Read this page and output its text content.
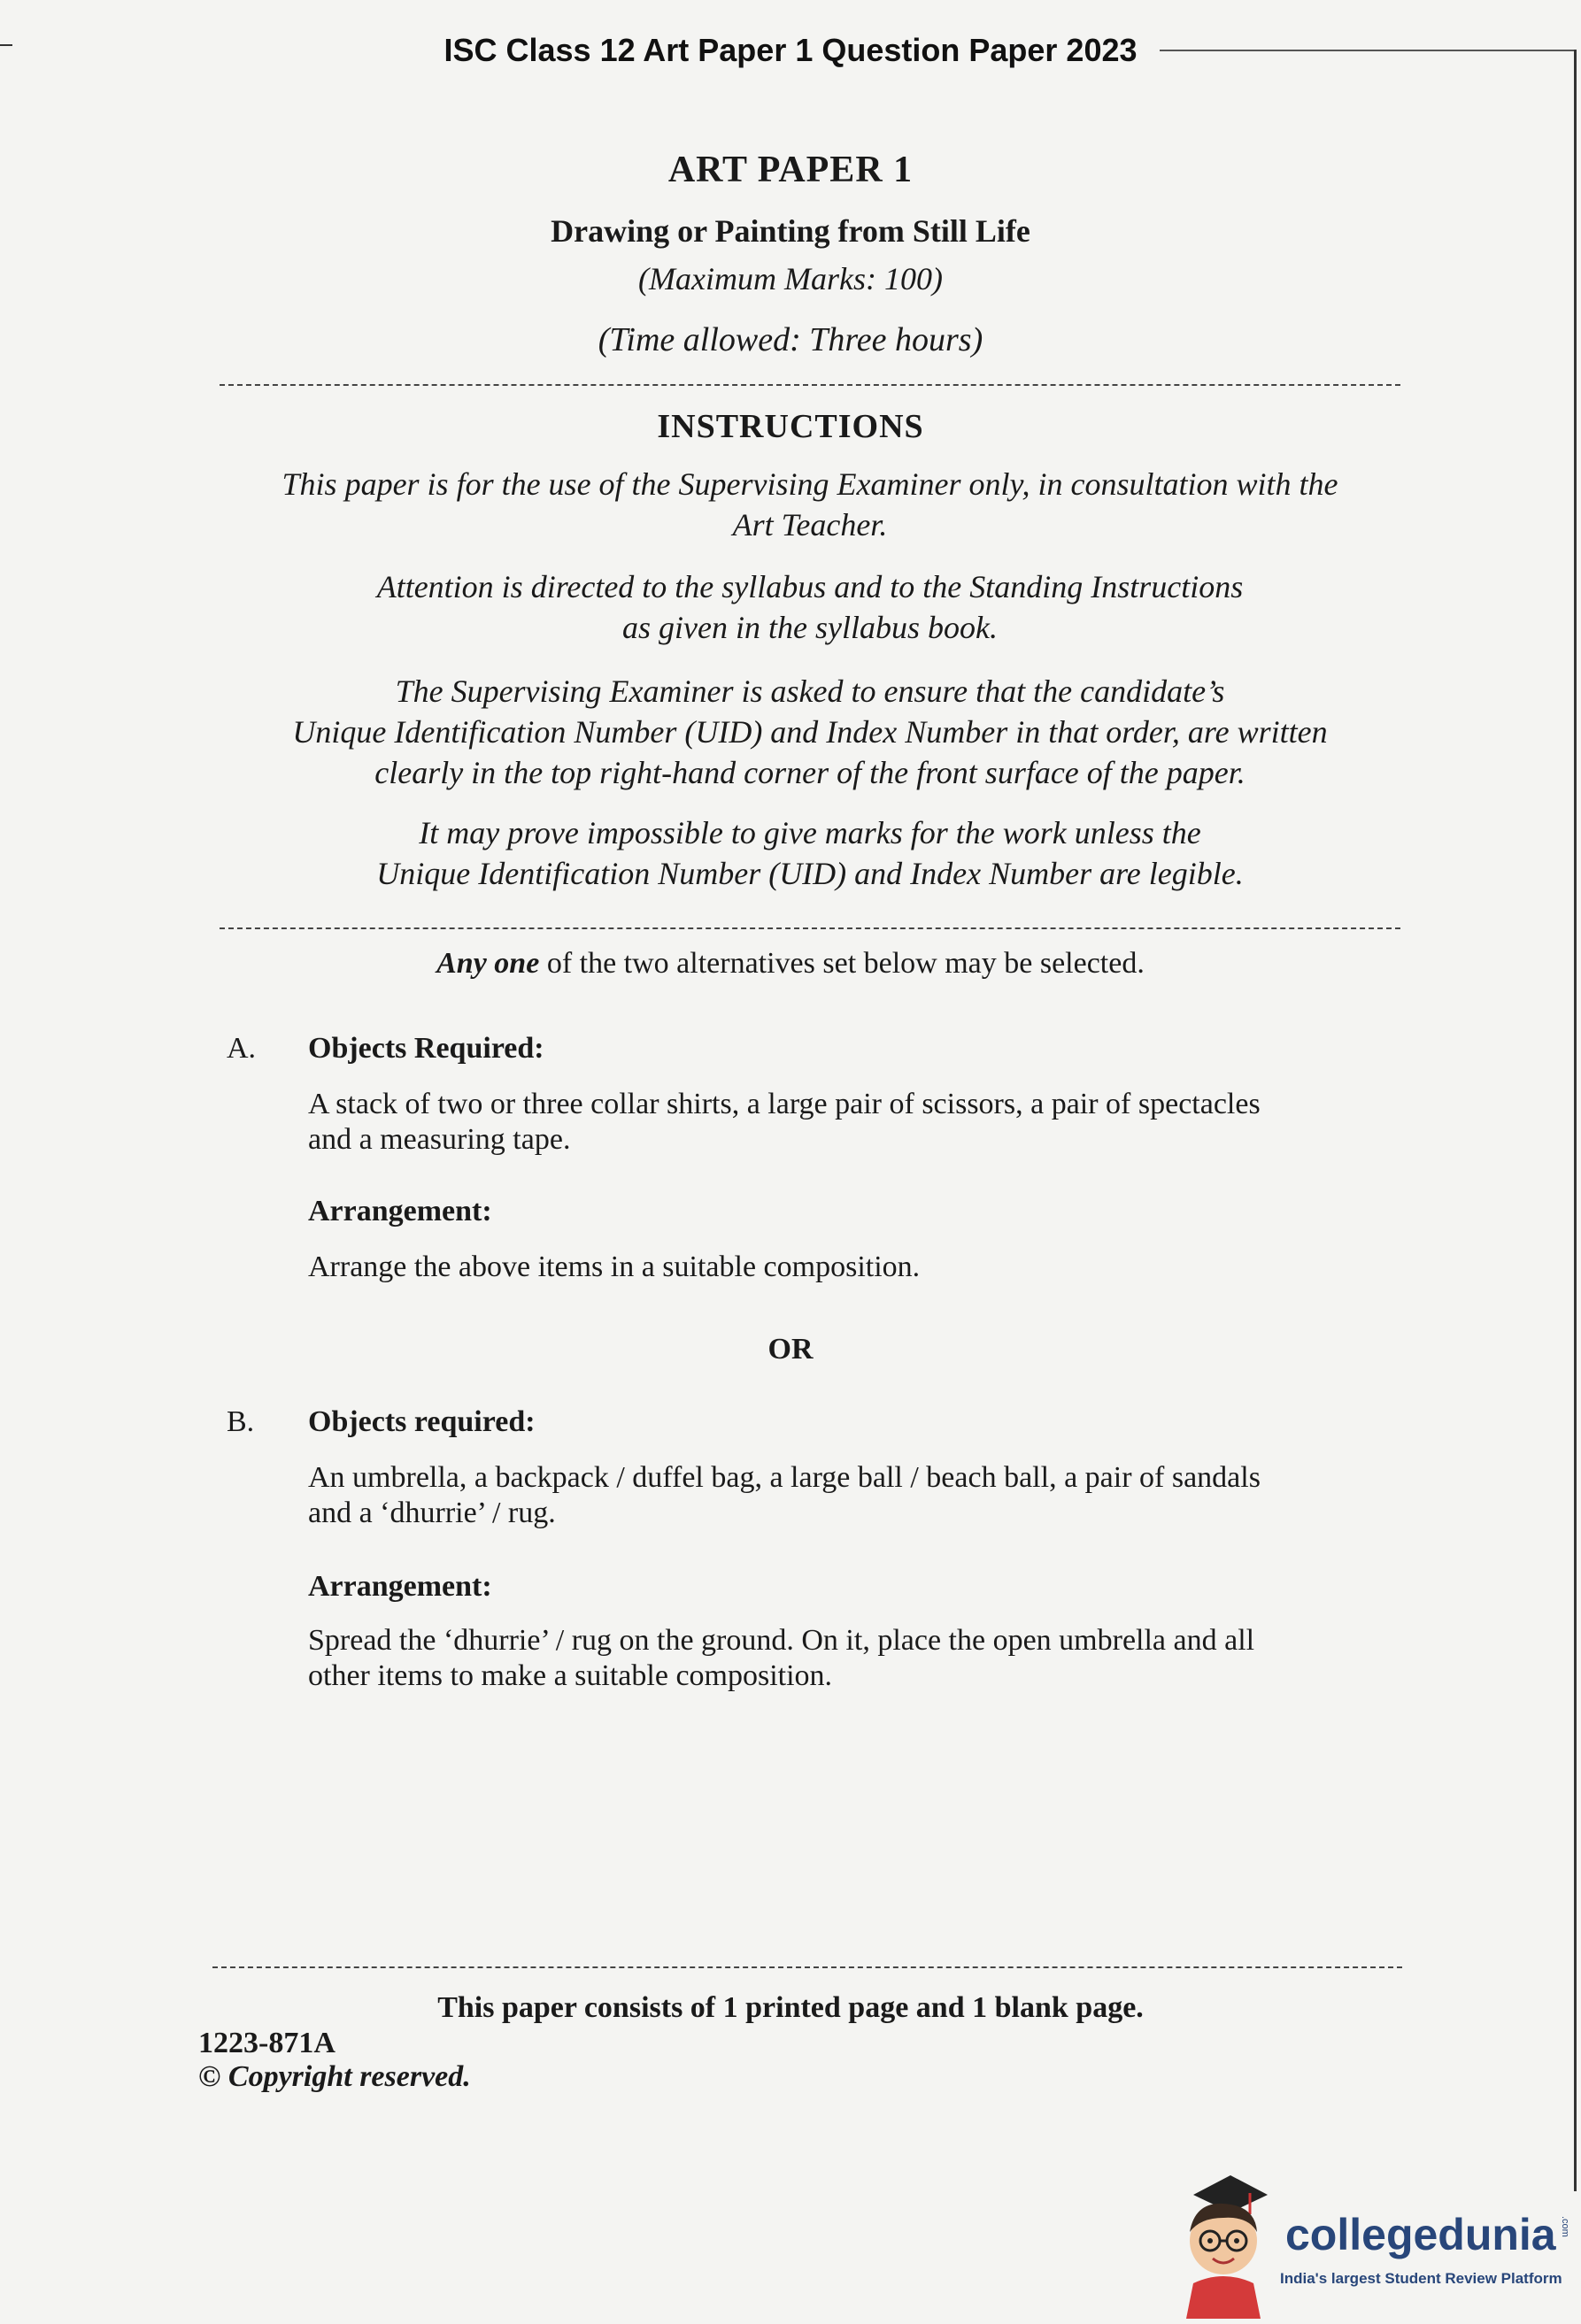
ISC Class 12 Art Paper 1 Question Paper 2023
ART PAPER 1
Drawing or Painting from Still Life
(Maximum Marks: 100)
(Time allowed: Three hours)
INSTRUCTIONS
This paper is for the use of the Supervising Examiner only, in consultation with the
Art Teacher.
Attention is directed to the syllabus and to the Standing Instructions
as given in the syllabus book.
The Supervising Examiner is asked to ensure that the candidate’s
Unique Identification Number (UID) and Index Number in that order, are written
clearly in the top right-hand corner of the front surface of the paper.
It may prove impossible to give marks for the work unless the
Unique Identification Number (UID) and Index Number are legible.
Any one of the two alternatives set below may be selected.
A. Objects Required:
A stack of two or three collar shirts, a large pair of scissors, a pair of spectacles
and a measuring tape.
Arrangement:
Arrange the above items in a suitable composition.
OR
B. Objects required:
An umbrella, a backpack / duffel bag, a large ball / beach ball, a pair of sandals
and a ‘dhurrie’ / rug.
Arrangement:
Spread the ‘dhurrie’ / rug on the ground. On it, place the open umbrella and all
other items to make a suitable composition.
This paper consists of 1 printed page and 1 blank page.
1223-871A
© Copyright reserved.
collegedunia .com
India's largest Student Review Platform
